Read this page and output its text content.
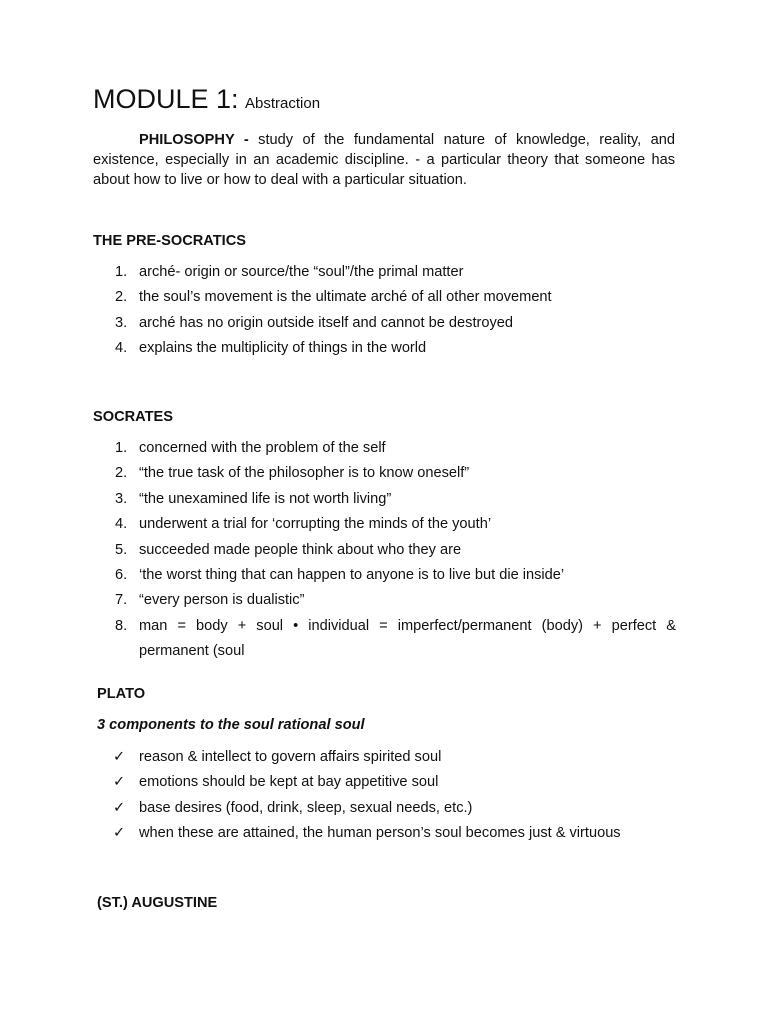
MODULE 1: Abstraction

PHILOSOPHY - study of the fundamental nature of knowledge, reality, and existence, especially in an academic discipline. - a particular theory that someone has about how to live or how to deal with a particular situation.

THE PRE-SOCRATICS
1. arché- origin or source/the “soul”/the primal matter
2. the soul’s movement is the ultimate arché of all other movement
3. arché has no origin outside itself and cannot be destroyed
4. explains the multiplicity of things in the world
SOCRATES
1. concerned with the problem of the self
2. “the true task of the philosopher is to know oneself”
3. “the unexamined life is not worth living”
4. underwent a trial for ‘corrupting the minds of the youth’
5. succeeded made people think about who they are
6. ‘the worst thing that can happen to anyone is to live but die inside’
7. “every person is dualistic”
8. man = body + soul • individual = imperfect/permanent (body) + perfect & permanent (soul
PLATO
3 components to the soul rational soul
✓ reason & intellect to govern affairs spirited soul
✓ emotions should be kept at bay appetitive soul
✓ base desires (food, drink, sleep, sexual needs, etc.)
✓ when these are attained, the human person’s soul becomes just & virtuous
(ST.) AUGUSTINE
